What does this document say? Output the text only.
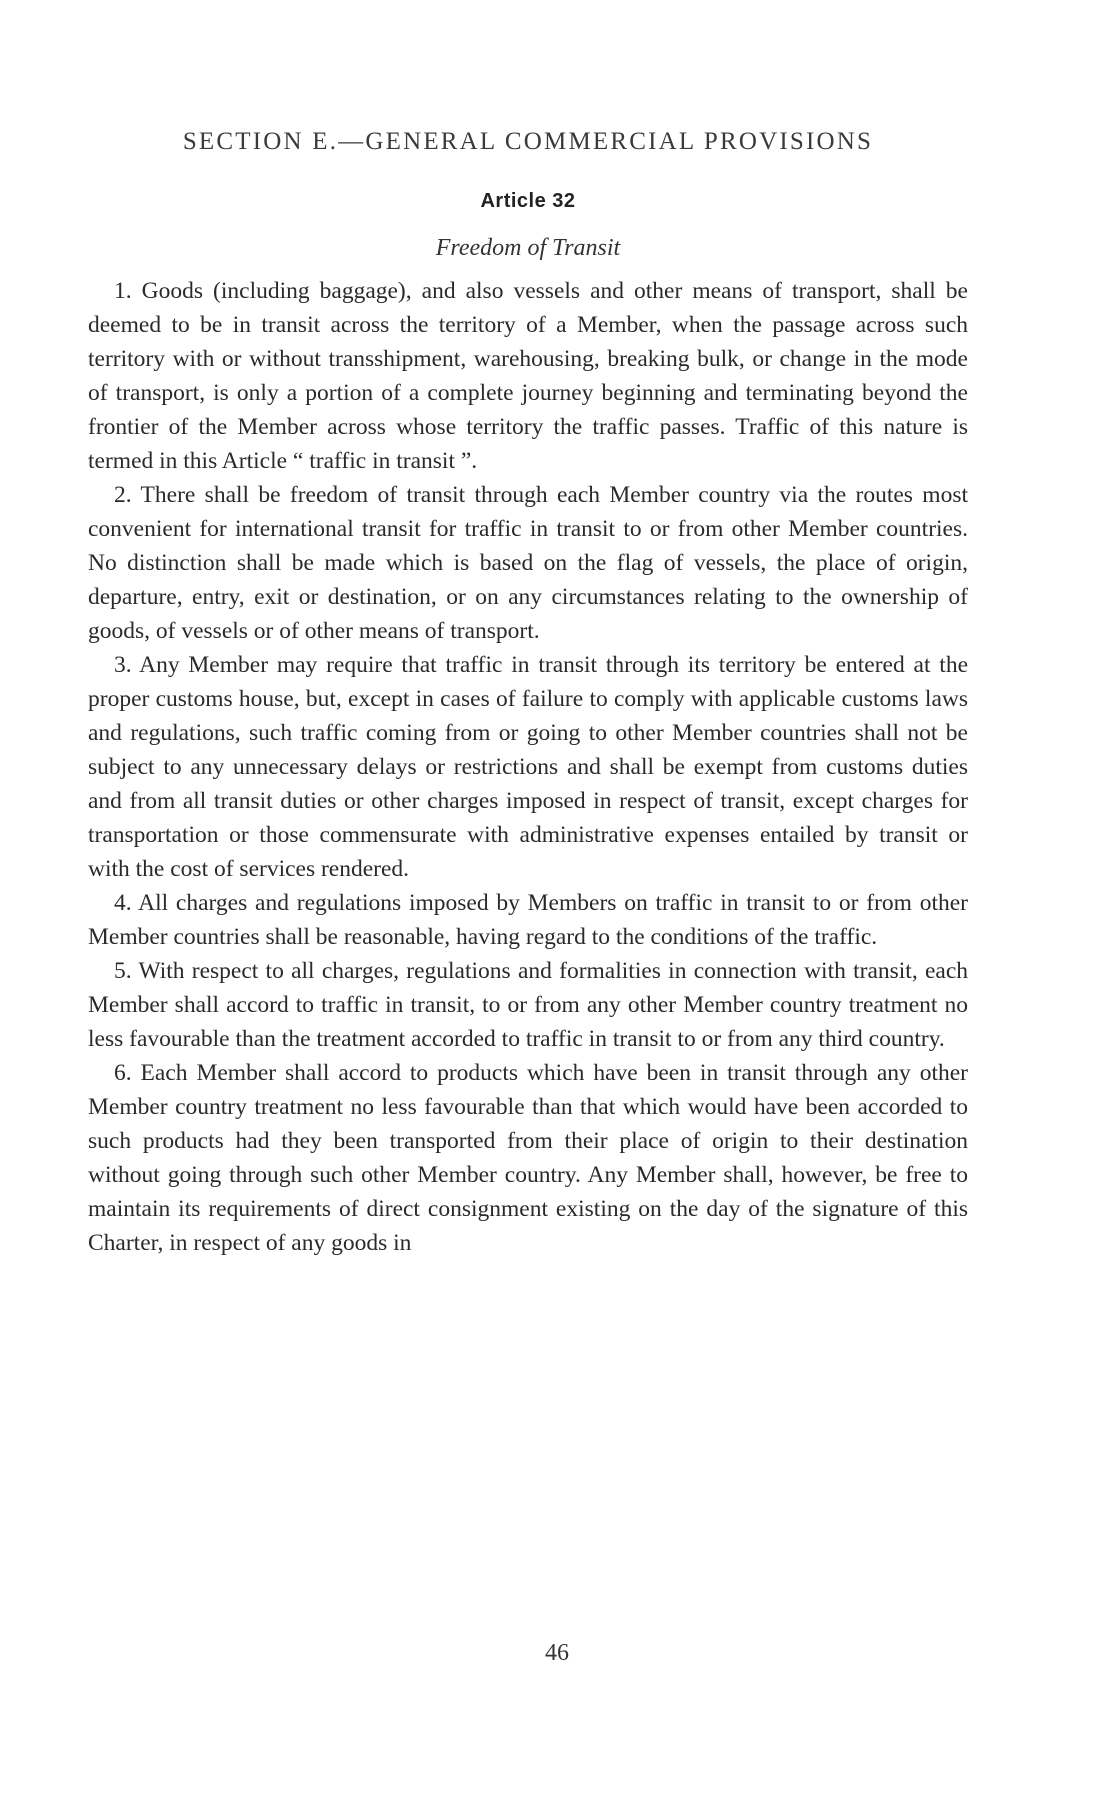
SECTION E.—GENERAL COMMERCIAL PROVISIONS
Article 32
Freedom of Transit

1. Goods (including baggage), and also vessels and other means of transport, shall be deemed to be in transit across the territory of a Member, when the passage across such territory with or without transshipment, warehousing, breaking bulk, or change in the mode of transport, is only a portion of a complete journey beginning and terminating beyond the frontier of the Member across whose territory the traffic passes. Traffic of this nature is termed in this Article “ traffic in transit ”.

2. There shall be freedom of transit through each Member country via the routes most convenient for international transit for traffic in transit to or from other Member countries. No distinction shall be made which is based on the flag of vessels, the place of origin, departure, entry, exit or destination, or on any circumstances relating to the ownership of goods, of vessels or of other means of transport.

3. Any Member may require that traffic in transit through its territory be entered at the proper customs house, but, except in cases of failure to comply with applicable customs laws and regulations, such traffic coming from or going to other Member countries shall not be subject to any unnecessary delays or restrictions and shall be exempt from customs duties and from all transit duties or other charges imposed in respect of transit, except charges for transportation or those commensurate with administrative expenses entailed by transit or with the cost of services rendered.

4. All charges and regulations imposed by Members on traffic in transit to or from other Member countries shall be reasonable, having regard to the conditions of the traffic.

5. With respect to all charges, regulations and formalities in connection with transit, each Member shall accord to traffic in transit, to or from any other Member country treatment no less favourable than the treatment accorded to traffic in transit to or from any third country.

6. Each Member shall accord to products which have been in transit through any other Member country treatment no less favourable than that which would have been accorded to such products had they been transported from their place of origin to their destination without going through such other Member country. Any Member shall, however, be free to maintain its requirements of direct consignment existing on the day of the signature of this Charter, in respect of any goods in

46
